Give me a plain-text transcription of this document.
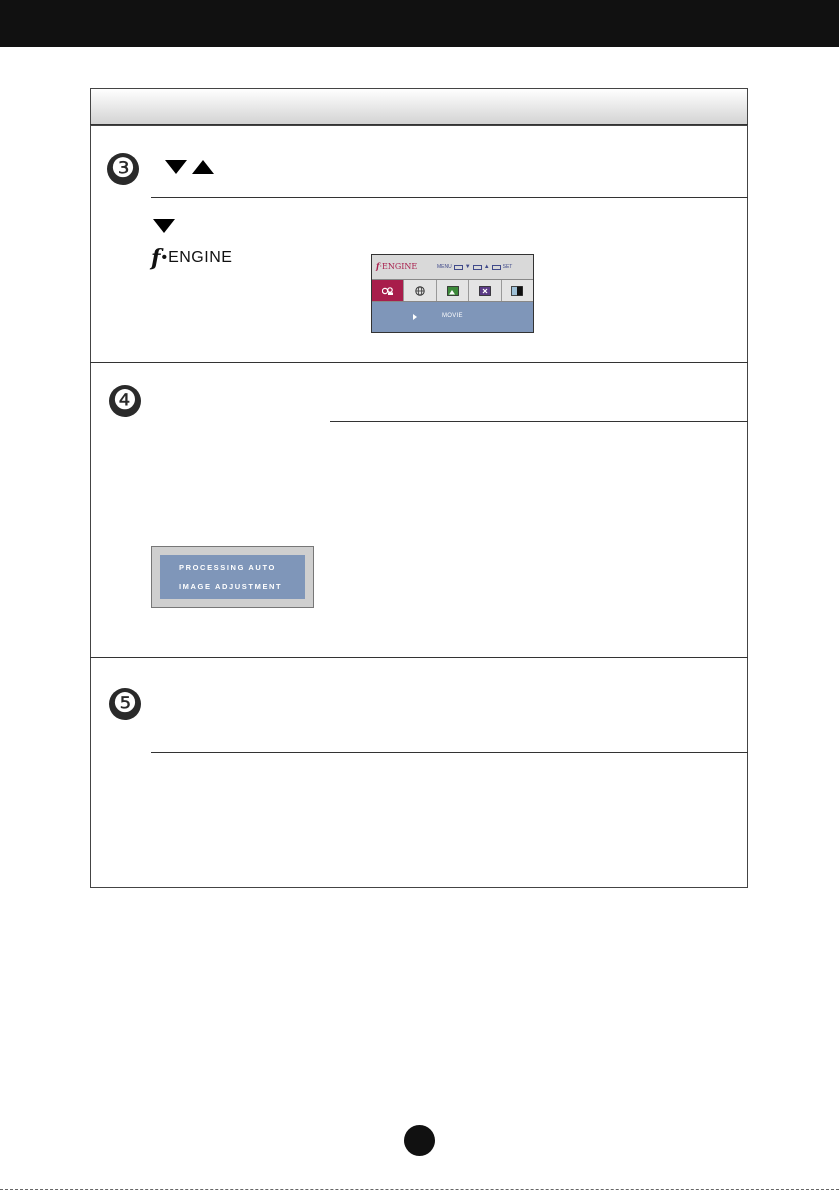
❸
f • ENGINE	f·ENGINE	MENU ▼ ▲	SET
MOVIE
❹
PROCESSING AUTO
IMAGE ADJUSTMENT
❺
